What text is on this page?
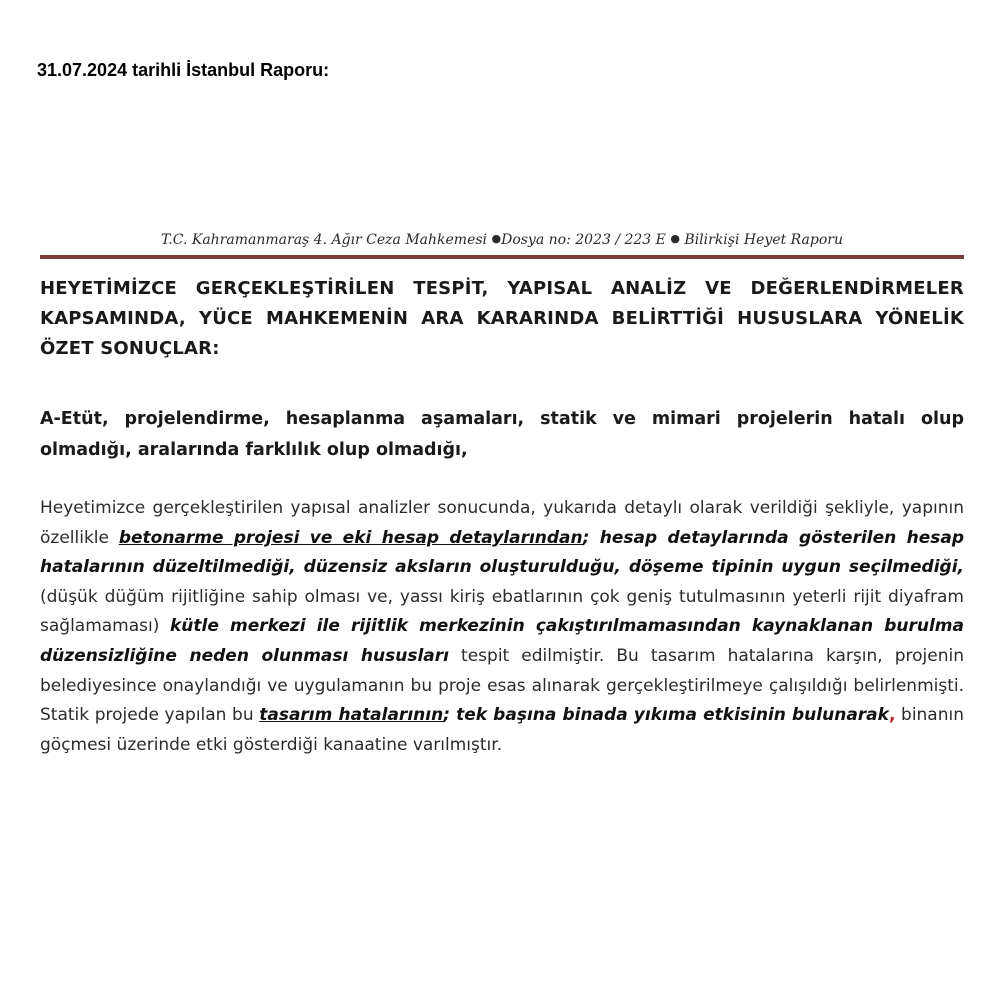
31.07.2024 tarihli İstanbul Raporu:
T.C. Kahramanmaraş 4. Ağır Ceza Mahkemesi ●Dosya no: 2023 / 223 E ● Bilirkişi Heyet Raporu
HEYETİMİZCE GERÇEKLEŞTİRİLEN TESPİT, YAPISAL ANALİZ VE DEĞERLENDİRMELER KAPSAMINDA, YÜCE MAHKEMENİN ARA KARARINDA BELİRTTİĞİ HUSUSLARA YÖNELİK ÖZET SONUÇLAR:
A-Etüt, projelendirme, hesaplanma aşamaları, statik ve mimari projelerin hatalı olup olmadığı, aralarında farklılık olup olmadığı,
Heyetimizce gerçekleştirilen yapısal analizler sonucunda, yukarıda detaylı olarak verildiği şekliyle, yapının özellikle betonarme projesi ve eki hesap detaylarından; hesap detaylarında gösterilen hesap hatalarının düzeltilmediği, düzensiz aksların oluşturulduğu, döşeme tipinin uygun seçilmediği, (düşük düğüm rijitliğine sahip olması ve, yassı kiriş ebatlarının çok geniş tutulmasının yeterli rijit diyafram sağlamaması) kütle merkezi ile rijitlik merkezinin çakıştırılmamasından kaynaklanan burulma düzensizliğine neden olunması hususları tespit edilmiştir. Bu tasarım hatalarına karşın, projenin belediyesince onaylandığı ve uygulamanın bu proje esas alınarak gerçekleştirilmeye çalışıldığı belirlenmişti. Statik projede yapılan bu tasarım hatalarının; tek başına binada yıkıma etkisinin bulunarak, binanın göçmesi üzerinde etki gösterdiği kanaatine varılmıştır.
